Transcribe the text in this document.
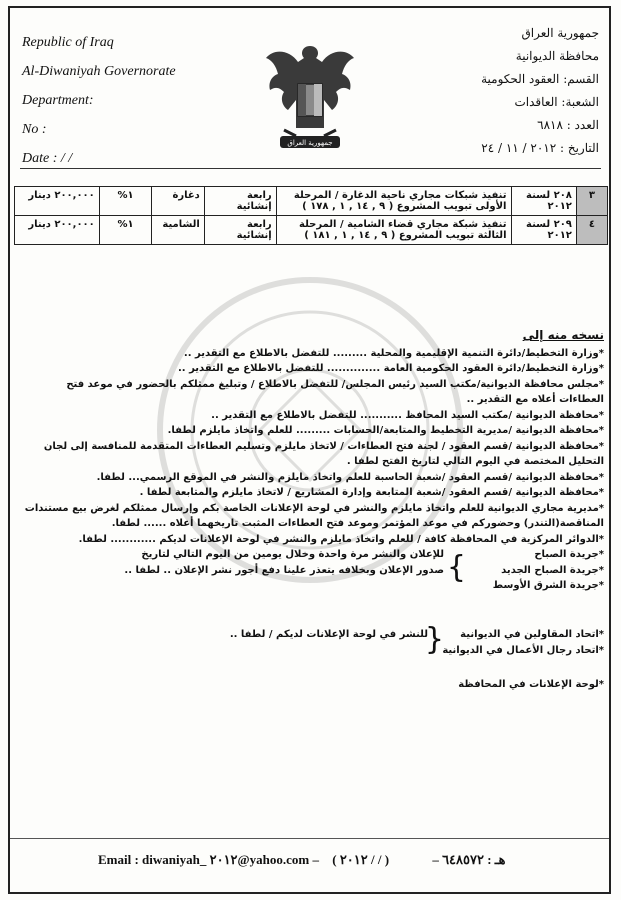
Republic of Iraq
Al-Diwaniyah Governorate
Department:
No :
Date : / /
جمهورية العراق
جمهورية العراق
محافظة الديوانية
القسم: العقود الحكومية
الشعبة: العاقدات
العدد : ٦٨١٨
التاريخ : ٢٠١٢ / ١١ / ٢٤
٣	٢٠٨ لسنة ٢٠١٢	تنفيذ شبكات مجاري ناحية الدغارة / المرحلة الأولى تبويب المشروع ( ٩ , ١٤ , ١ , ١٧٨ )	رابعة إنشائية	دغارة	١%	٢٠٠,٠٠٠ دينار
٤	٢٠٩ لسنة ٢٠١٢	تنفيذ شبكة مجاري قضاء الشامية / المرحلة الثالثة تبويب المشروع ( ٩ , ١٤ , ١ , ١٨١ )	رابعة إنشائية	الشامية	١%	٢٠٠,٠٠٠ دينار
نسخه منه إلى
*وزارة التخطيط/دائرة التنمية الإقليمية والمحلية ......... للتفضل بالاطلاع مع التقدير ..
*وزارة التخطيط/دائرة العقود الحكومية العامة .............. للتفضل بالاطلاع مع التقدير ..
*مجلس محافظة الديوانية/مكتب السيد رئيس المجلس/ للتفضل بالاطلاع / وتبليغ ممثلكم بالحضور في موعد فتح العطاءات أعلاه مع التقدير ..
*محافظة الديوانية /مكتب السيد المحافظ ........... للتفضل بالاطلاع مع التقدير ..
*محافظة الديوانية /مديرية التخطيط والمتابعة/الحسابات ......... للعلم واتخاذ مايلزم لطفا.
*محافظة الديوانية /قسم العقود / لجنة فتح العطاءات / لاتخاذ مايلزم وتسليم العطاءات المتقدمة للمنافسة إلى لجان التحليل المختصة في اليوم التالي لتاريخ الفتح لطفا .
*محافظة الديوانية /قسم العقود /شعبة الحاسبة للعلم واتخاذ مايلزم والنشر في الموقع الرسمي... لطفا.
*محافظة الديوانية /قسم العقود /شعبة المتابعة وإدارة المشاريع / لاتخاذ مايلزم والمتابعة لطفا .
*مديرية مجاري الديوانية للعلم واتخاذ مايلزم والنشر في لوحة الإعلانات الخاصة بكم وإرسال ممثلكم لغرض بيع مستندات المناقصة(التندر) وحضوركم في موعد المؤتمر وموعد فتح العطاءات المثبت تاريخهما أعلاه ...... لطفا.
*الدوائر المركزية في المحافظة كافة / للعلم واتخاذ مايلزم والنشر في لوحة الإعلانات لديكم ............ لطفا.
*جريدة الصباح
*جريدة الصباح الجديد
*جريدة الشرق الأوسط
}
للإعلان والنشر مرة واحدة وخلال يومين من اليوم التالي لتاريخ صدور الإعلان وبخلافه يتعذر علينا دفع أجور نشر الإعلان .. لطفا ..
*اتحاد المقاولين في الديوانية
*اتحاد رجال الأعمال في الديوانية
{
للنشر في لوحة الإعلانات لديكم / لطفا ..
*لوحة الإعلانات في المحافظة
Email : diwaniyah_ ٢٠١٢@yahoo.com – ( ٢٠١٢ / / )	هـ : ٦٤٨٥٧٢ –
